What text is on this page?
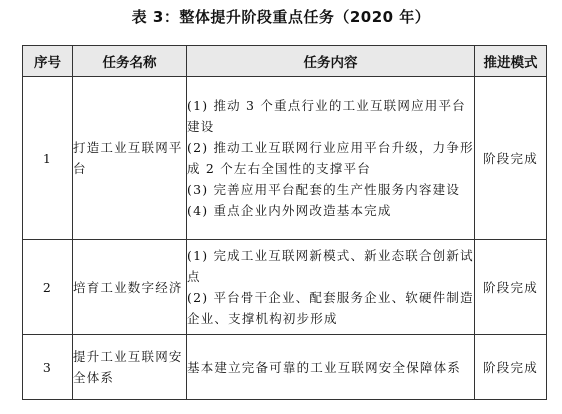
表 3：整体提升阶段重点任务（2020 年）
序号	任务名称	任务内容	推进模式
1	打造工业互联网平台	(1) 推动 3 个重点行业的工业互联网应用平台建设
(2) 推动工业互联网行业应用平台升级，力争形成 2 个左右全国性的支撑平台
(3) 完善应用平台配套的生产性服务内容建设
(4) 重点企业内外网改造基本完成	阶段完成
2	培育工业数字经济	(1) 完成工业互联网新模式、新业态联合创新试点
(2) 平台骨干企业、配套服务企业、软硬件制造企业、支撑机构初步形成	阶段完成
3	提升工业互联网安全体系	基本建立完备可靠的工业互联网安全保障体系	阶段完成
